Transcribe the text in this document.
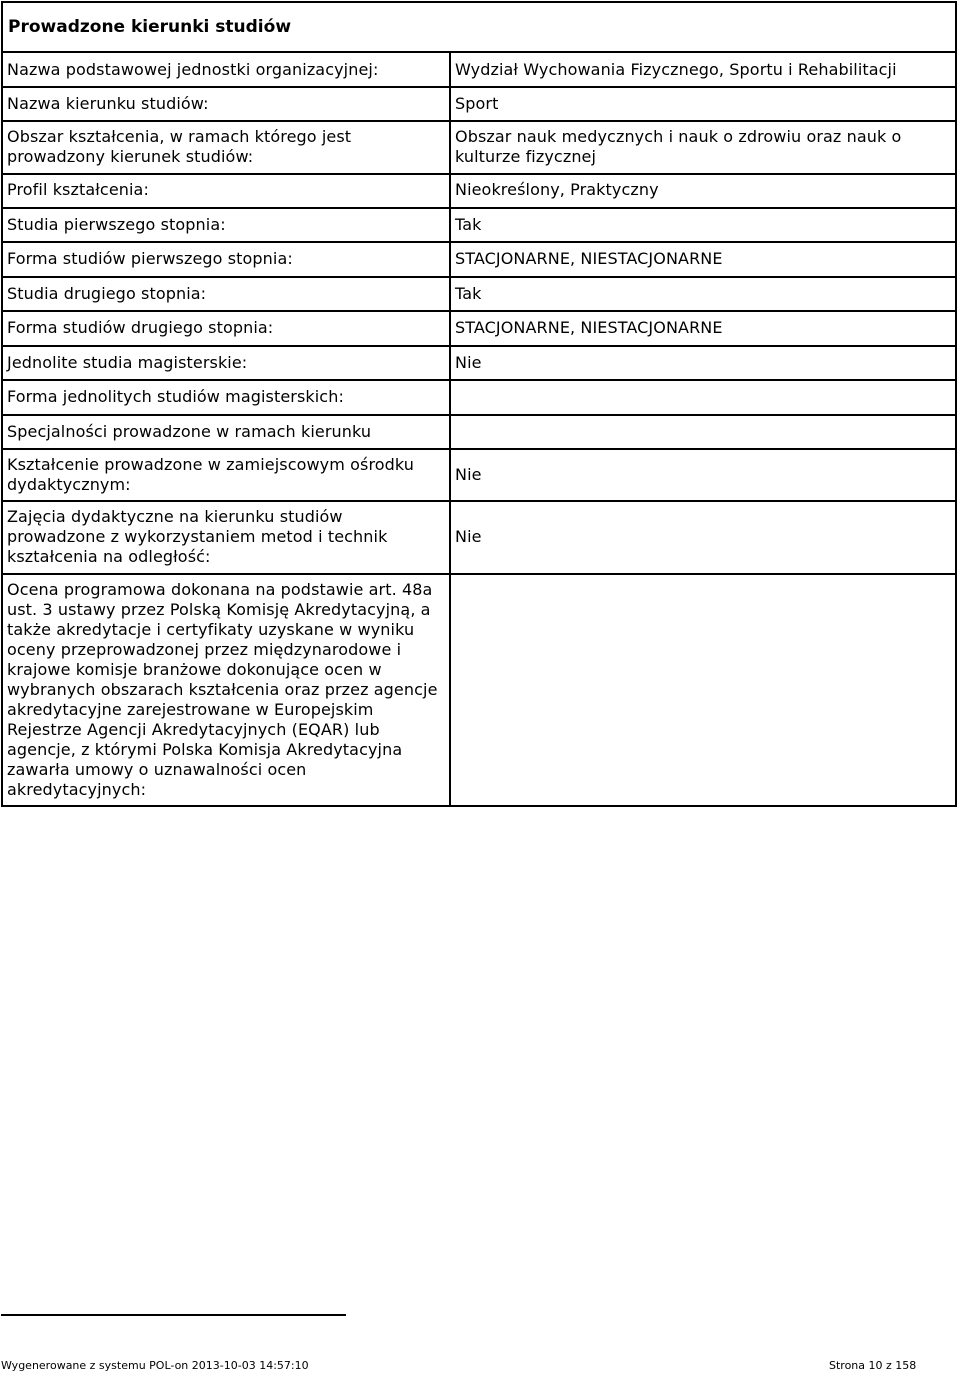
Prowadzone kierunki studiów
Nazwa podstawowej jednostki organizacyjnej:	Wydział Wychowania Fizycznego, Sportu i Rehabilitacji
Nazwa kierunku studiów:	Sport
Obszar kształcenia, w ramach którego jest prowadzony kierunek studiów:
Obszar nauk medycznych i nauk o zdrowiu oraz nauk o kulturze fizycznej
Profil kształcenia:	Nieokreślony, Praktyczny
Studia pierwszego stopnia:	Tak
Forma studiów pierwszego stopnia:	STACJONARNE, NIESTACJONARNE
Studia drugiego stopnia:	Tak
Forma studiów drugiego stopnia:	STACJONARNE, NIESTACJONARNE
Jednolite studia magisterskie:	Nie
Forma jednolitych studiów magisterskich:
Specjalności prowadzone w ramach kierunku
Kształcenie prowadzone w zamiejscowym ośrodku dydaktycznym:
Nie
Zajęcia dydaktyczne na kierunku studiów prowadzone z wykorzystaniem metod i technik kształcenia na odległość:
Nie
Ocena programowa dokonana na podstawie art. 48a ust. 3 ustawy przez Polską Komisję Akredytacyjną, a także akredytacje i certyfikaty uzyskane w wyniku oceny przeprowadzonej przez międzynarodowe i krajowe komisje branżowe dokonujące ocen w wybranych obszarach kształcenia oraz przez agencje akredytacyjne zarejestrowane w Europejskim Rejestrze Agencji Akredytacyjnych (EQAR) lub agencje, z którymi Polska Komisja Akredytacyjna zawarła umowy o uznawalności ocen akredytacyjnych:
Wygenerowane z systemu POL-on 2013-10-03 14:57:10	Strona 10 z 158
